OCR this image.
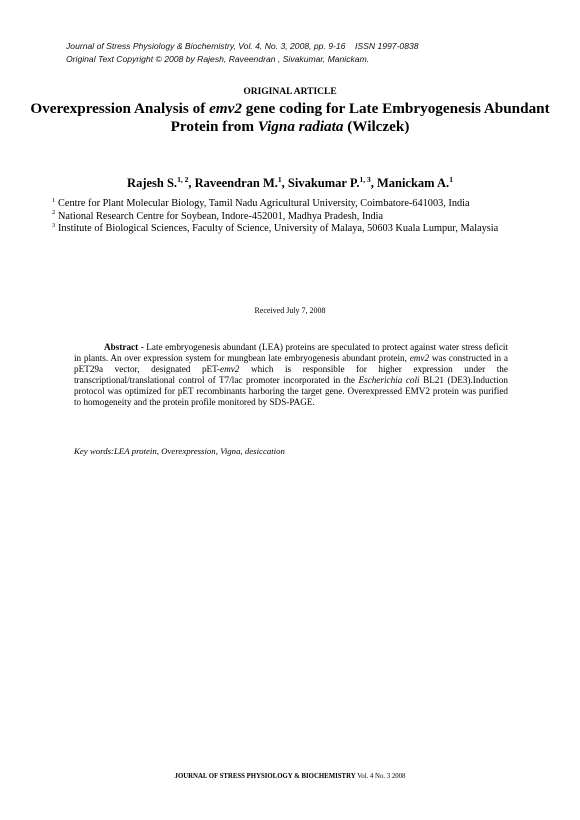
Journal of Stress Physiology & Biochemistry, Vol. 4, No. 3, 2008, pp. 9-16 ISSN 1997-0838
Original Text Copyright © 2008 by Rajesh, Raveendran , Sivakumar, Manickam.
ORIGINAL ARTICLE
Overexpression Analysis of emv2 gene coding for Late Embryogenesis Abundant Protein from Vigna radiata (Wilczek)
Rajesh S.$^{1, 2}$, Raveendran M.$^1$, Sivakumar P.$^{1, 3}$, Manickam A.$^1$
1 Centre for Plant Molecular Biology, Tamil Nadu Agricultural University, Coimbatore-641003, India
2 National Research Centre for Soybean, Indore-452001, Madhya Pradesh, India
3 Institute of Biological Sciences, Faculty of Science, University of Malaya, 50603 Kuala Lumpur, Malaysia
Received July 7, 2008

Abstract - Late embryogenesis abundant (LEA) proteins are speculated to protect against water stress deficit in plants. An over expression system for mungbean late embryogenesis abundant protein, emv2 was constructed in a pET29a vector, designated pET-emv2 which is responsible for higher expression under the transcriptional/translational control of T7/lac promoter incorporated in the Escherichia coli BL21 (DE3).Induction protocol was optimized for pET recombinants harboring the target gene. Overexpressed EMV2 protein was purified to homogeneity and the protein profile monitored by SDS-PAGE.

Key words:LEA protein, Overexpression, Vigna, desiccation
JOURNAL OF STRESS PHYSIOLOGY & BIOCHEMISTRY Vol. 4 No. 3 2008
